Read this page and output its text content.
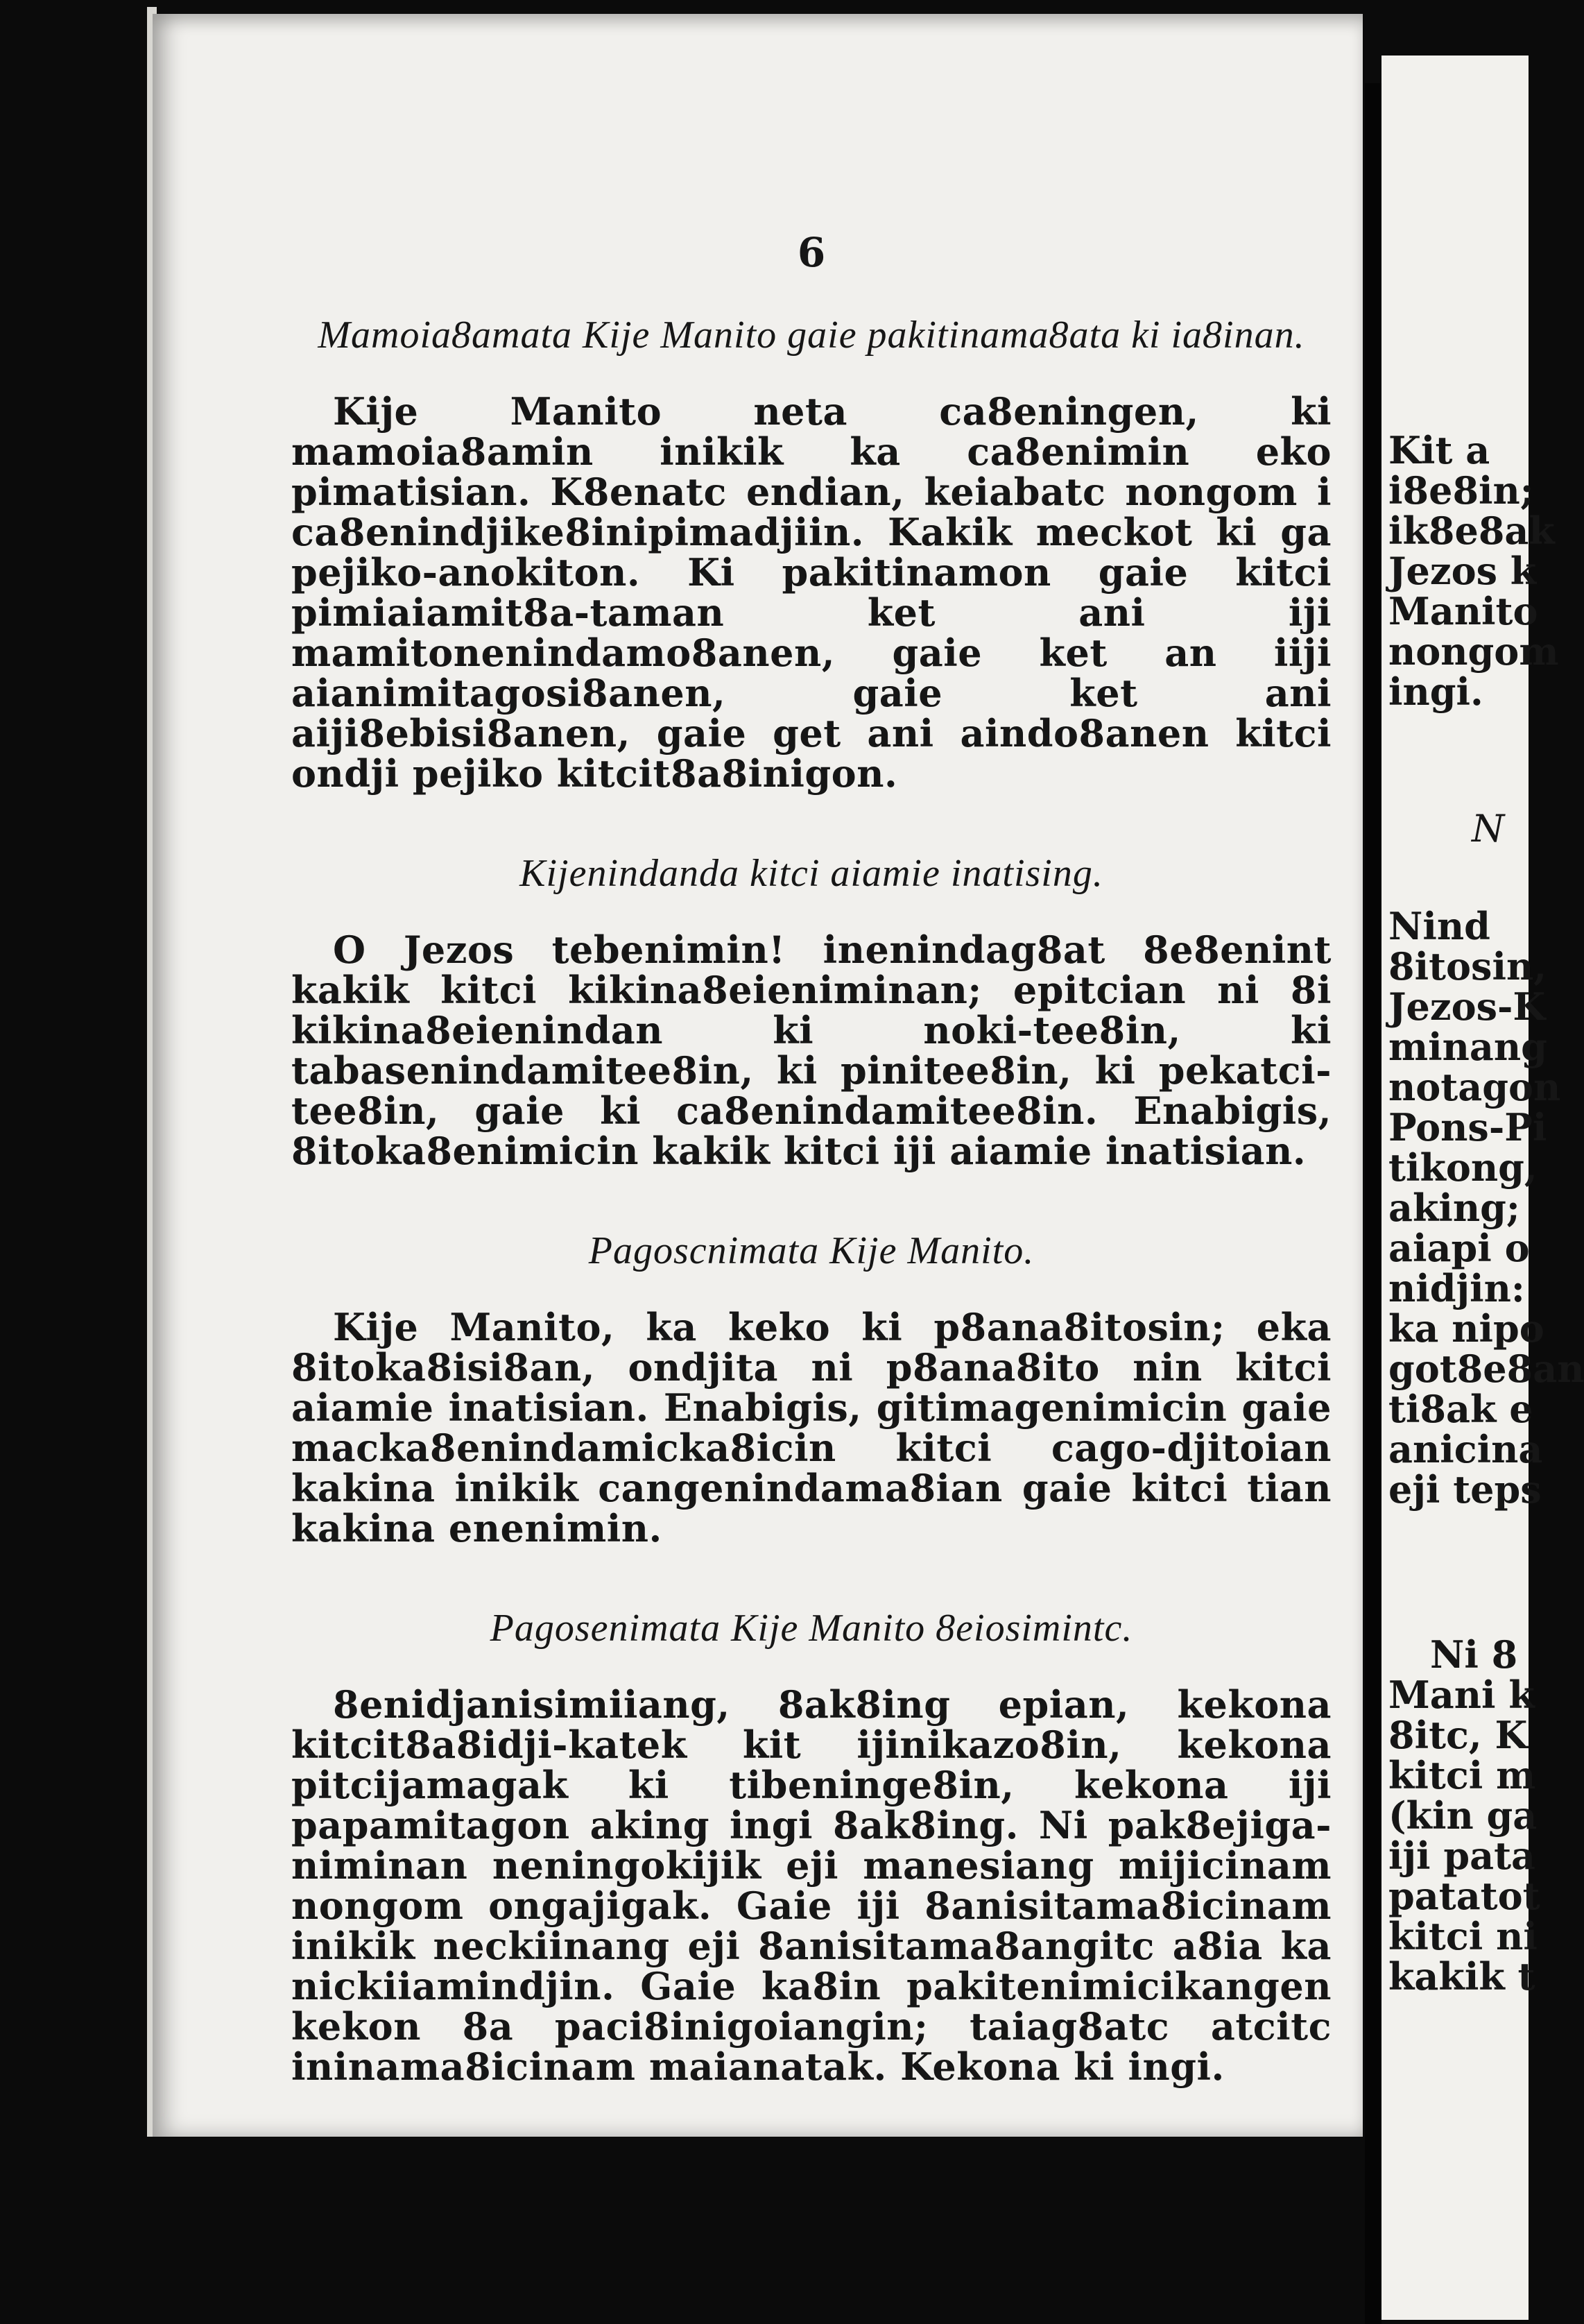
6
Mamoia8amata Kije Manito gaie pakitinama8ata ki ia8inan.

Kije Manito neta ca8eningen, ki mamoia8amin inikik ka ca8enimin eko pimatisian. K8enatc endian, keiabatc nongom i ca8enindjike8inipimadjiin. Kakik meckot ki ga pejiko-anokiton. Ki pakitinamon gaie kitci pimiaiamit8a-taman ket ani iji mamitonenindamo8anen, gaie ket an iiji aianimitagosi8anen, gaie ket ani aiji8ebisi8anen, gaie get ani aindo8anen kitci ondji pejiko kitcit8a8inigon.

Kijenindanda kitci aiamie inatising.

O Jezos tebenimin! inenindag8at 8e8enint kakik kitci kikina8eieniminan; epitcian ni 8i kikina8eienindan ki noki-tee8in, ki tabasenindamitee8in, ki pinitee8in, ki pekatci-tee8in, gaie ki ca8enindamitee8in. Enabigis, 8itoka8enimicin kakik kitci iji aiamie inatisian.

Pagoscnimata Kije Manito.

Kije Manito, ka keko ki p8ana8itosin; eka 8itoka8isi8an, ondjita ni p8ana8ito nin kitci aiamie inatisian. Enabigis, gitimagenimicin gaie macka8enindamicka8icin kitci cago-djitoian kakina inikik cangenindama8ian gaie kitci tian kakina enenimin.

Pagosenimata Kije Manito 8eiosimintc.

8enidjanisimiiang, 8ak8ing epian, kekona kitcit8a8idji-katek kit ijinikazo8in, kekona pitcijamagak ki tibeninge8in, kekona iji papamitagon aking ingi 8ak8ing. Ni pak8ejiga-niminan neningokijik eji manesiang mijicinam nongom ongajigak. Gaie iji 8anisitama8icinam inikik neckiinang eji 8anisitama8angitc a8ia ka nickiiamindjin. Gaie ka8in pakitenimicikangen kekon 8a paci8inigoiangin; taiag8atc atcitc ininama8icinam maianatak. Kekona ki ingi.

Kit a
i8e8in;
ik8e8ak
Jezos k
Manito
nongom
ingi.
N
Nind
8itosin,
Jezos-K
minang
notagon
Pons-Pi
tikong,
aking;
aiapi o
nidjin:
ka nipo
got8e8an
ti8ak e
anicina
eji teps
Ni 8
Mani k
8itc, K
kitci m
(kin ga
iji pata
patatot
kitci ni
kakik t
